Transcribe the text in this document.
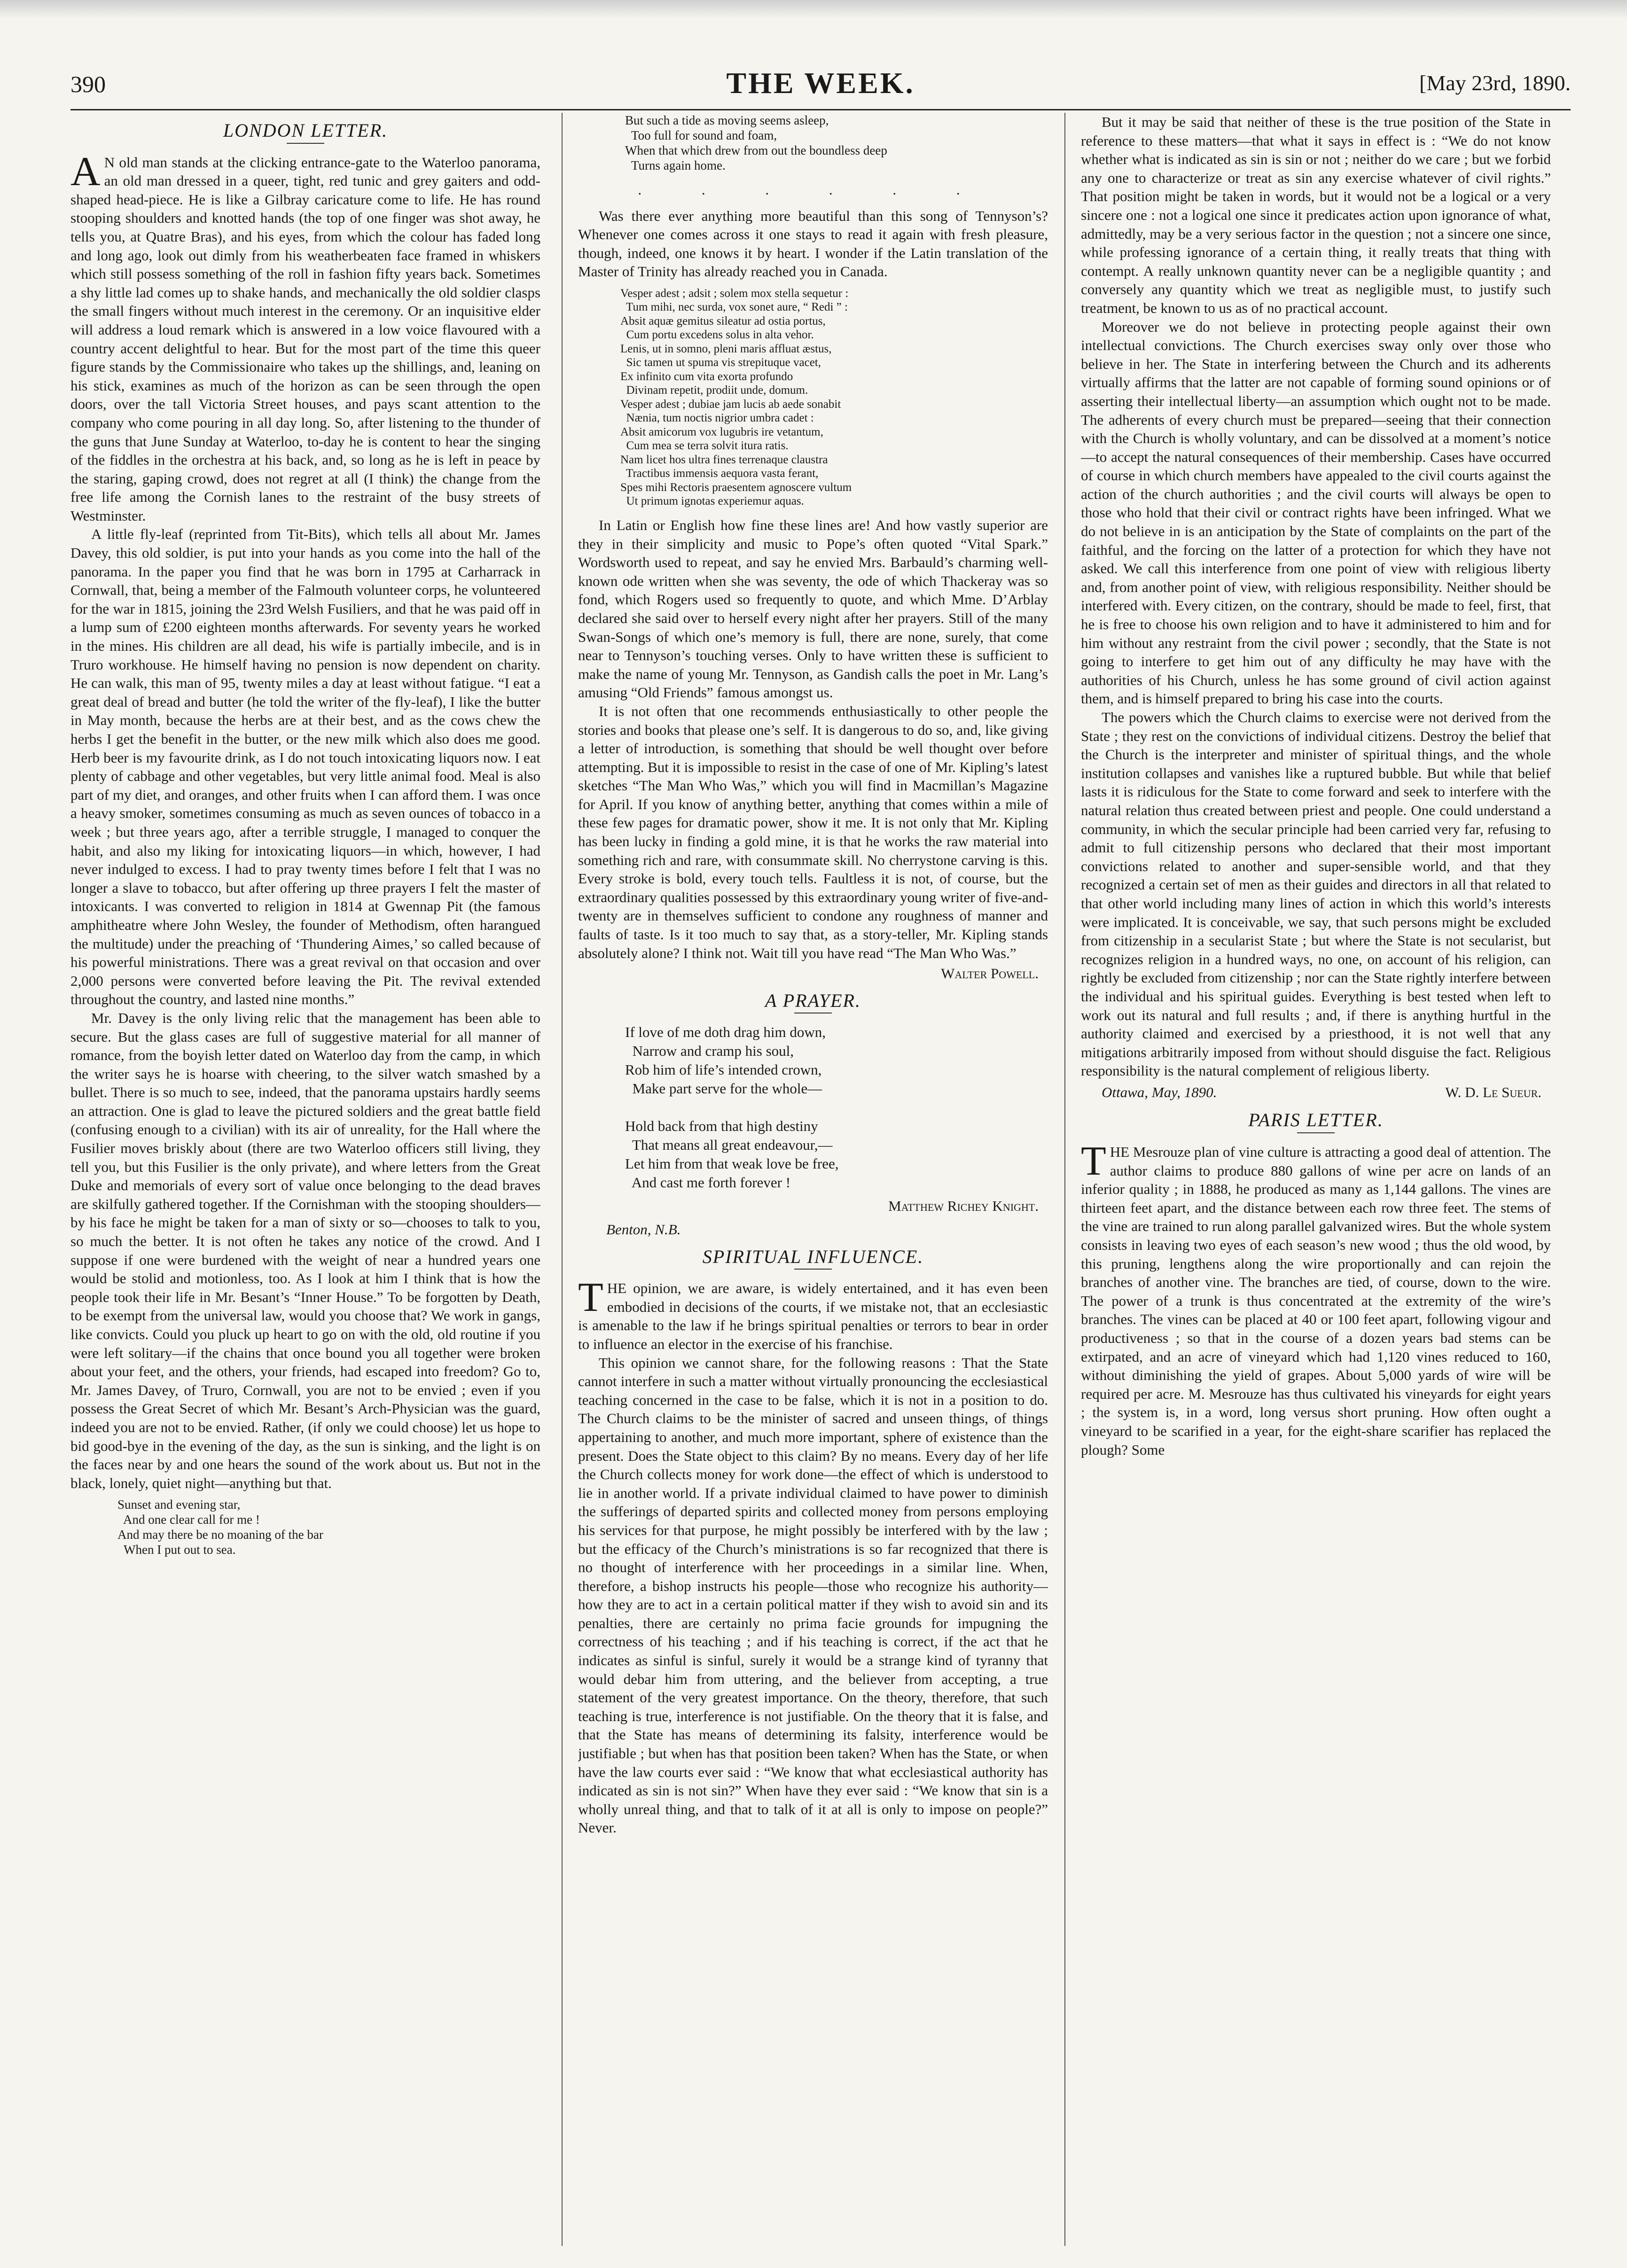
390	THE WEEK.	[May 23rd, 1890.
LONDON LETTER.

A N old man stands at the clicking entrance-gate to the Waterloo panorama, an old man dressed in a queer, tight, red tunic and grey gaiters and odd-shaped head-piece. He is like a Gilbray caricature come to life. He has round stooping shoulders and knotted hands (the top of one finger was shot away, he tells you, at Quatre Bras), and his eyes, from which the colour has faded long and long ago, look out dimly from his weatherbeaten face framed in whiskers which still possess something of the roll in fashion fifty years back. Sometimes a shy little lad comes up to shake hands, and mechanically the old soldier clasps the small fingers without much interest in the ceremony. Or an inquisitive elder will address a loud remark which is answered in a low voice flavoured with a country accent delightful to hear. But for the most part of the time this queer figure stands by the Commissionaire who takes up the shillings, and, leaning on his stick, examines as much of the horizon as can be seen through the open doors, over the tall Victoria Street houses, and pays scant attention to the company who come pouring in all day long. So, after listening to the thunder of the guns that June Sunday at Waterloo, to-day he is content to hear the singing of the fiddles in the orchestra at his back, and, so long as he is left in peace by the staring, gaping crowd, does not regret at all (I think) the change from the free life among the Cornish lanes to the restraint of the busy streets of Westminster.

A little fly-leaf (reprinted from Tit-Bits), which tells all about Mr. James Davey, this old soldier, is put into your hands as you come into the hall of the panorama. In the paper you find that he was born in 1795 at Carharrack in Cornwall, that, being a member of the Falmouth volunteer corps, he volunteered for the war in 1815, joining the 23rd Welsh Fusiliers, and that he was paid off in a lump sum of £200 eighteen months afterwards. For seventy years he worked in the mines. His children are all dead, his wife is partially imbecile, and is in Truro workhouse. He himself having no pension is now dependent on charity. He can walk, this man of 95, twenty miles a day at least without fatigue. “I eat a great deal of bread and butter (he told the writer of the fly-leaf), I like the butter in May month, because the herbs are at their best, and as the cows chew the herbs I get the benefit in the butter, or the new milk which also does me good. Herb beer is my favourite drink, as I do not touch intoxicating liquors now. I eat plenty of cabbage and other vegetables, but very little animal food. Meal is also part of my diet, and oranges, and other fruits when I can afford them. I was once a heavy smoker, sometimes consuming as much as seven ounces of tobacco in a week ; but three years ago, after a terrible struggle, I managed to conquer the habit, and also my liking for intoxicating liquors—in which, however, I had never indulged to excess. I had to pray twenty times before I felt that I was no longer a slave to tobacco, but after offering up three prayers I felt the master of intoxicants. I was converted to religion in 1814 at Gwennap Pit (the famous amphitheatre where John Wesley, the founder of Methodism, often harangued the multitude) under the preaching of ‘Thundering Aimes,’ so called because of his powerful ministrations. There was a great revival on that occasion and over 2,000 persons were converted before leaving the Pit. The revival extended throughout the country, and lasted nine months.”

Mr. Davey is the only living relic that the management has been able to secure. But the glass cases are full of suggestive material for all manner of romance, from the boyish letter dated on Waterloo day from the camp, in which the writer says he is hoarse with cheering, to the silver watch smashed by a bullet. There is so much to see, indeed, that the panorama upstairs hardly seems an attraction. One is glad to leave the pictured soldiers and the great battle field (confusing enough to a civilian) with its air of unreality, for the Hall where the Fusilier moves briskly about (there are two Waterloo officers still living, they tell you, but this Fusilier is the only private), and where letters from the Great Duke and memorials of every sort of value once belonging to the dead braves are skilfully gathered together. If the Cornishman with the stooping shoulders—by his face he might be taken for a man of sixty or so—chooses to talk to you, so much the better. It is not often he takes any notice of the crowd. And I suppose if one were burdened with the weight of near a hundred years one would be stolid and motionless, too. As I look at him I think that is how the people took their life in Mr. Besant’s “Inner House.” To be forgotten by Death, to be exempt from the universal law, would you choose that? We work in gangs, like convicts. Could you pluck up heart to go on with the old, old routine if you were left solitary—if the chains that once bound you all together were broken about your feet, and the others, your friends, had escaped into freedom? Go to, Mr. James Davey, of Truro, Cornwall, you are not to be envied ; even if you possess the Great Secret of which Mr. Besant’s Arch-Physician was the guard, indeed you are not to be envied. Rather, (if only we could choose) let us hope to bid good-bye in the evening of the day, as the sun is sinking, and the light is on the faces near by and one hears the sound of the work about us. But not in the black, lonely, quiet night—anything but that.

Sunset and evening star,
And one clear call for me !
And may there be no moaning of the bar
When I put out to sea.
But such a tide as moving seems asleep,
Too full for sound and foam,
When that which drew from out the boundless deep
Turns again home.
. . . . . .

Was there ever anything more beautiful than this song of Tennyson’s? Whenever one comes across it one stays to read it again with fresh pleasure, though, indeed, one knows it by heart. I wonder if the Latin translation of the Master of Trinity has already reached you in Canada.

Vesper adest ; adsit ; solem mox stella sequetur :
Tum mihi, nec surda, vox sonet aure, “ Redi ” :
Absit aquæ gemitus sileatur ad ostia portus,
Cum portu excedens solus in alta vehor.
Lenis, ut in somno, pleni maris affluat æstus,
Sic tamen ut spuma vis strepituque vacet,
Ex infinito cum vita exorta profundo
Divinam repetit, prodiit unde, domum.
Vesper adest ; dubiae jam lucis ab aede sonabit
Nænia, tum noctis nigrior umbra cadet :
Absit amicorum vox lugubris ire vetantum,
Cum mea se terra solvit itura ratis.
Nam licet hos ultra fines terrenaque claustra
Tractibus immensis aequora vasta ferant,
Spes mihi Rectoris praesentem agnoscere vultum
Ut primum ignotas experiemur aquas.

In Latin or English how fine these lines are! And how vastly superior are they in their simplicity and music to Pope’s often quoted “Vital Spark.” Wordsworth used to repeat, and say he envied Mrs. Barbauld’s charming well-known ode written when she was seventy, the ode of which Thackeray was so fond, which Rogers used so frequently to quote, and which Mme. D’Arblay declared she said over to herself every night after her prayers. Still of the many Swan-Songs of which one’s memory is full, there are none, surely, that come near to Tennyson’s touching verses. Only to have written these is sufficient to make the name of young Mr. Tennyson, as Gandish calls the poet in Mr. Lang’s amusing “Old Friends” famous amongst us.

It is not often that one recommends enthusiastically to other people the stories and books that please one’s self. It is dangerous to do so, and, like giving a letter of introduction, is something that should be well thought over before attempting. But it is impossible to resist in the case of one of Mr. Kipling’s latest sketches “The Man Who Was,” which you will find in Macmillan’s Magazine for April. If you know of anything better, anything that comes within a mile of these few pages for dramatic power, show it me. It is not only that Mr. Kipling has been lucky in finding a gold mine, it is that he works the raw material into something rich and rare, with consummate skill. No cherrystone carving is this. Every stroke is bold, every touch tells. Faultless it is not, of course, but the extraordinary qualities possessed by this extraordinary young writer of five-and-twenty are in themselves sufficient to condone any roughness of manner and faults of taste. Is it too much to say that, as a story-teller, Mr. Kipling stands absolutely alone? I think not. Wait till you have read “The Man Who Was.”

Walter Powell.
A PRAYER.
If love of me doth drag him down,
Narrow and cramp his soul,
Rob him of life’s intended crown,
Make part serve for the whole—

Hold back from that high destiny
That means all great endeavour,—
Let him from that weak love be free,
And cast me forth forever !
Matthew Richey Knight.
Benton, N.B.
SPIRITUAL INFLUENCE.

THE opinion, we are aware, is widely entertained, and it has even been embodied in decisions of the courts, if we mistake not, that an ecclesiastic is amenable to the law if he brings spiritual penalties or terrors to bear in order to influence an elector in the exercise of his franchise.

This opinion we cannot share, for the following reasons : That the State cannot interfere in such a matter without virtually pronouncing the ecclesiastical teaching concerned in the case to be false, which it is not in a position to do. The Church claims to be the minister of sacred and unseen things, of things appertaining to another, and much more important, sphere of existence than the present. Does the State object to this claim? By no means. Every day of her life the Church collects money for work done—the effect of which is understood to lie in another world. If a private individual claimed to have power to diminish the sufferings of departed spirits and collected money from persons employing his services for that purpose, he might possibly be interfered with by the law ; but the efficacy of the Church’s ministrations is so far recognized that there is no thought of interference with her proceedings in a similar line. When, therefore, a bishop instructs his people—those who recognize his authority—how they are to act in a certain political matter if they wish to avoid sin and its penalties, there are certainly no prima facie grounds for impugning the correctness of his teaching ; and if his teaching is correct, if the act that he indicates as sinful is sinful, surely it would be a strange kind of tyranny that would debar him from uttering, and the believer from accepting, a true statement of the very greatest importance. On the theory, therefore, that such teaching is true, interference is not justifiable. On the theory that it is false, and that the State has means of determining its falsity, interference would be justifiable ; but when has that position been taken? When has the State, or when have the law courts ever said : “We know that what ecclesiastical authority has indicated as sin is not sin?” When have they ever said : “We know that sin is a wholly unreal thing, and that to talk of it at all is only to impose on people?” Never.

But it may be said that neither of these is the true position of the State in reference to these matters—that what it says in effect is : “We do not know whether what is indicated as sin is sin or not ; neither do we care ; but we forbid any one to characterize or treat as sin any exercise whatever of civil rights.” That position might be taken in words, but it would not be a logical or a very sincere one : not a logical one since it predicates action upon ignorance of what, admittedly, may be a very serious factor in the question ; not a sincere one since, while professing ignorance of a certain thing, it really treats that thing with contempt. A really unknown quantity never can be a negligible quantity ; and conversely any quantity which we treat as negligible must, to justify such treatment, be known to us as of no practical account.

Moreover we do not believe in protecting people against their own intellectual convictions. The Church exercises sway only over those who believe in her. The State in interfering between the Church and its adherents virtually affirms that the latter are not capable of forming sound opinions or of asserting their intellectual liberty—an assumption which ought not to be made. The adherents of every church must be prepared—seeing that their connection with the Church is wholly voluntary, and can be dissolved at a moment’s notice—to accept the natural consequences of their membership. Cases have occurred of course in which church members have appealed to the civil courts against the action of the church authorities ; and the civil courts will always be open to those who hold that their civil or contract rights have been infringed. What we do not believe in is an anticipation by the State of complaints on the part of the faithful, and the forcing on the latter of a protection for which they have not asked. We call this interference from one point of view with religious liberty and, from another point of view, with religious responsibility. Neither should be interfered with. Every citizen, on the contrary, should be made to feel, first, that he is free to choose his own religion and to have it administered to him and for him without any restraint from the civil power ; secondly, that the State is not going to interfere to get him out of any difficulty he may have with the authorities of his Church, unless he has some ground of civil action against them, and is himself prepared to bring his case into the courts.

The powers which the Church claims to exercise were not derived from the State ; they rest on the convictions of individual citizens. Destroy the belief that the Church is the interpreter and minister of spiritual things, and the whole institution collapses and vanishes like a ruptured bubble. But while that belief lasts it is ridiculous for the State to come forward and seek to interfere with the natural relation thus created between priest and people. One could understand a community, in which the secular principle had been carried very far, refusing to admit to full citizenship persons who declared that their most important convictions related to another and super-sensible world, and that they recognized a certain set of men as their guides and directors in all that related to that other world including many lines of action in which this world’s interests were implicated. It is conceivable, we say, that such persons might be excluded from citizenship in a secularist State ; but where the State is not secularist, but recognizes religion in a hundred ways, no one, on account of his religion, can rightly be excluded from citizenship ; nor can the State rightly interfere between the individual and his spiritual guides. Everything is best tested when left to work out its natural and full results ; and, if there is anything hurtful in the authority claimed and exercised by a priesthood, it is not well that any mitigations arbitrarily imposed from without should disguise the fact. Religious responsibility is the natural complement of religious liberty.

Ottawa, May, 1890.	W. D. Le Sueur.
PARIS LETTER.

THE Mesrouze plan of vine culture is attracting a good deal of attention. The author claims to produce 880 gallons of wine per acre on lands of an inferior quality ; in 1888, he produced as many as 1,144 gallons. The vines are thirteen feet apart, and the distance between each row three feet. The stems of the vine are trained to run along parallel galvanized wires. But the whole system consists in leaving two eyes of each season’s new wood ; thus the old wood, by this pruning, lengthens along the wire proportionally and can rejoin the branches of another vine. The branches are tied, of course, down to the wire. The power of a trunk is thus concentrated at the extremity of the wire’s branches. The vines can be placed at 40 or 100 feet apart, following vigour and productiveness ; so that in the course of a dozen years bad stems can be extirpated, and an acre of vineyard which had 1,120 vines reduced to 160, without diminishing the yield of grapes. About 5,000 yards of wire will be required per acre. M. Mesrouze has thus cultivated his vineyards for eight years ; the system is, in a word, long versus short pruning. How often ought a vineyard to be scarified in a year, for the eight-share scarifier has replaced the plough? Some
